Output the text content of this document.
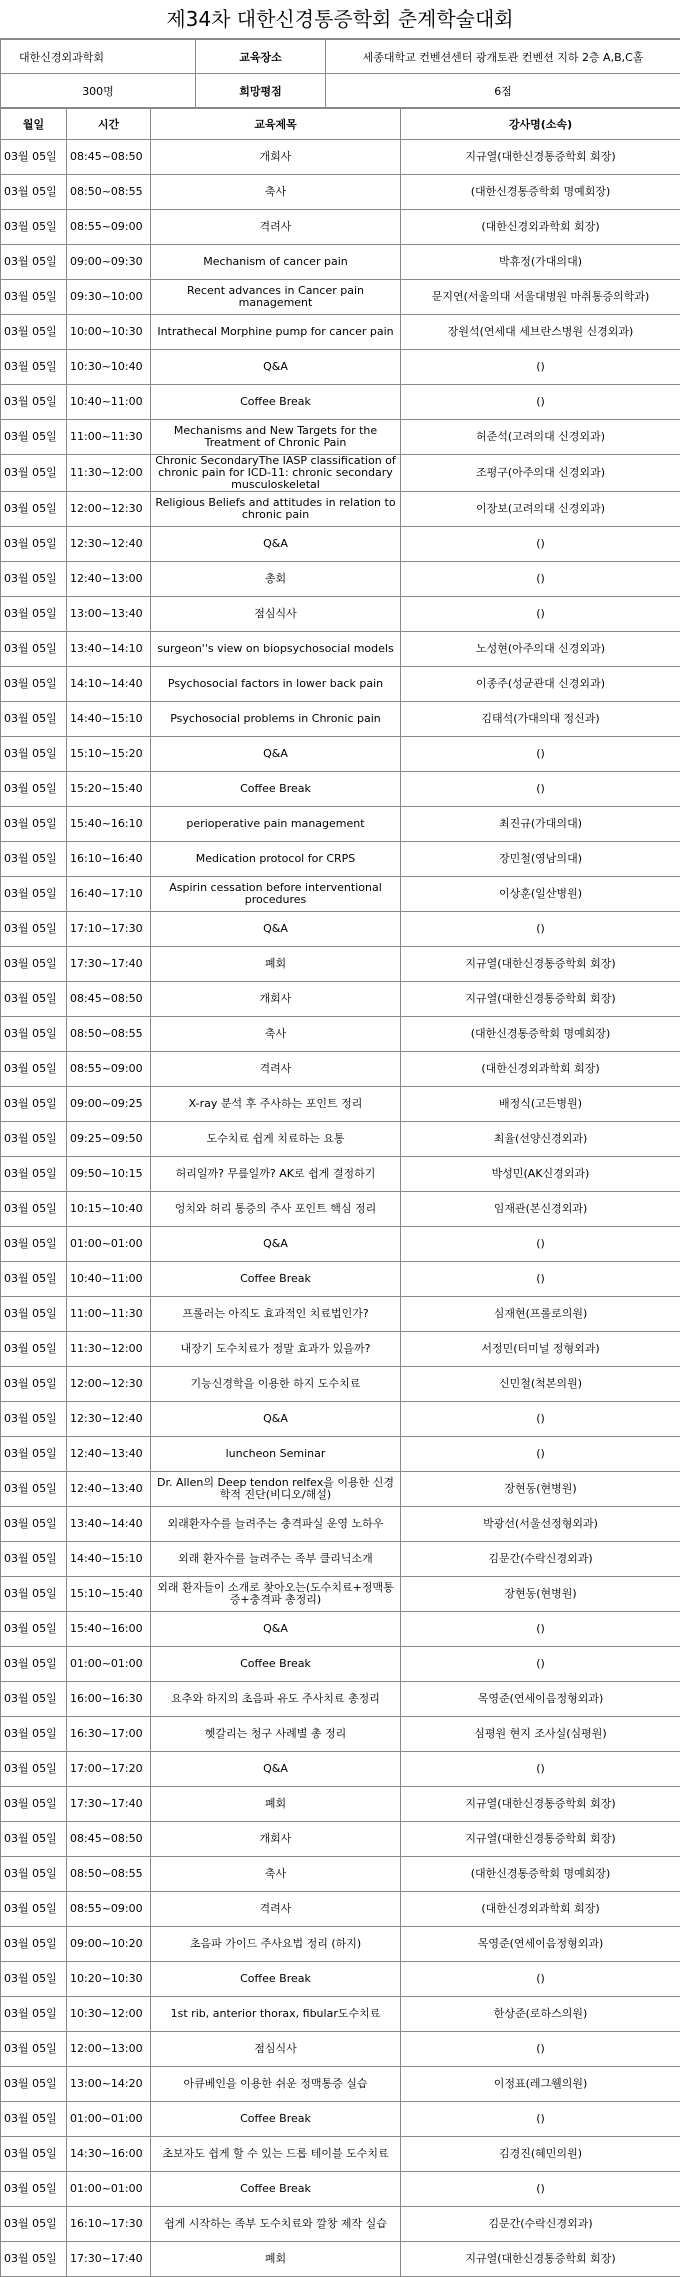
제34차 대한신경통증학회 춘계학술대회
대한신경외과학회	교육장소	세종대학교 컨벤션센터 광개토관 컨벤션 지하 2층 A,B,C홀
300명	희망평점	6점
월일	시간	교육제목	강사명(소속)
03월 05일	08:45~08:50	개회사	지규열(대한신경통증학회 회장)
03월 05일	08:50~08:55	축사	(대한신경통증학회 명예회장)
03월 05일	08:55~09:00	격려사	(대한신경외과학회 회장)
03월 05일	09:00~09:30	Mechanism of cancer pain	박휴정(가대의대)
03월 05일	09:30~10:00	Recent advances in Cancer pain management	문지연(서울의대 서울대병원 마취통증의학과)
03월 05일	10:00~10:30	Intrathecal Morphine pump for cancer pain	장원석(연세대 세브란스병원 신경외과)
03월 05일	10:30~10:40	Q&A	()
03월 05일	10:40~11:00	Coffee Break	()
03월 05일	11:00~11:30	Mechanisms and New Targets for the Treatment of Chronic Pain	허준석(고려의대 신경외과)
03월 05일	11:30~12:00	Chronic SecondaryThe IASP classification of chronic pain for ICD-11: chronic secondary musculoskeletal	조평구(아주의대 신경외과)
03월 05일	12:00~12:30	Religious Beliefs and attitudes in relation to chronic pain	이장보(고려의대 신경외과)
03월 05일	12:30~12:40	Q&A	()
03월 05일	12:40~13:00	총회	()
03월 05일	13:00~13:40	점심식사	()
03월 05일	13:40~14:10	surgeon''s view on biopsychosocial models	노성현(아주의대 신경외과)
03월 05일	14:10~14:40	Psychosocial factors in lower back pain	이종주(성균관대 신경외과)
03월 05일	14:40~15:10	Psychosocial problems in Chronic pain	김태석(가대의대 정신과)
03월 05일	15:10~15:20	Q&A	()
03월 05일	15:20~15:40	Coffee Break	()
03월 05일	15:40~16:10	perioperative pain management	최진규(가대의대)
03월 05일	16:10~16:40	Medication protocol for CRPS	장민철(영남의대)
03월 05일	16:40~17:10	Aspirin cessation before interventional procedures	이상훈(일산병원)
03월 05일	17:10~17:30	Q&A	()
03월 05일	17:30~17:40	폐회	지규열(대한신경통증학회 회장)
03월 05일	08:45~08:50	개회사	지규열(대한신경통증학회 회장)
03월 05일	08:50~08:55	축사	(대한신경통증학회 명예회장)
03월 05일	08:55~09:00	격려사	(대한신경외과학회 회장)
03월 05일	09:00~09:25	X-ray 분석 후 주사하는 포인트 정리	배정식(고든병원)
03월 05일	09:25~09:50	도수치료 쉽게 치료하는 요통	최율(선양신경외과)
03월 05일	09:50~10:15	허리일까? 무릎일까? AK로 쉽게 결정하기	박성민(AK신경외과)
03월 05일	10:15~10:40	엉치와 허리 통증의 주사 포인트 핵심 정리	임재관(본신경외과)
03월 05일	01:00~01:00	Q&A	()
03월 05일	10:40~11:00	Coffee Break	()
03월 05일	11:00~11:30	프롤러는 아직도 효과적인 치료법인가?	심재현(프롤로의원)
03월 05일	11:30~12:00	내장기 도수치료가 정말 효과가 있을까?	서정민(터미널 정형외과)
03월 05일	12:00~12:30	기능신경학을 이용한 하지 도수치료	신민철(척본의원)
03월 05일	12:30~12:40	Q&A	()
03월 05일	12:40~13:40	luncheon Seminar	()
03월 05일	12:40~13:40	Dr. Allen의 Deep tendon relfex을 이용한 신경학적 진단(비디오/해설)	장현동(현병원)
03월 05일	13:40~14:40	외래환자수를 늘려주는 충격파실 운영 노하우	박광선(서울선정형외과)
03월 05일	14:40~15:10	외래 환자수를 늘려주는 족부 클리닉소개	김문간(수락신경외과)
03월 05일	15:10~15:40	외래 환자들이 소개로 찾아오는(도수치료+정맥통증+충격파 총정리)	장현동(현병원)
03월 05일	15:40~16:00	Q&A	()
03월 05일	01:00~01:00	Coffee Break	()
03월 05일	16:00~16:30	요추와 하지의 초음파 유도 주사치료 총정리	목영준(연세이음정형외과)
03월 05일	16:30~17:00	헷갈리는 청구 사례별 총 정리	심평원 현지 조사실(심평원)
03월 05일	17:00~17:20	Q&A	()
03월 05일	17:30~17:40	폐회	지규열(대한신경통증학회 회장)
03월 05일	08:45~08:50	개회사	지규열(대한신경통증학회 회장)
03월 05일	08:50~08:55	축사	(대한신경통증학회 명예회장)
03월 05일	08:55~09:00	격려사	(대한신경외과학회 회장)
03월 05일	09:00~10:20	초음파 가이드 주사요법 정리 (하지)	목영준(연세이음정형외과)
03월 05일	10:20~10:30	Coffee Break	()
03월 05일	10:30~12:00	1st rib, anterior thorax, fibular도수치료	한상준(로하스의원)
03월 05일	12:00~13:00	점심식사	()
03월 05일	13:00~14:20	아큐베인을 이용한 쉬운 정맥통증 실습	이정표(레그웰의원)
03월 05일	01:00~01:00	Coffee Break	()
03월 05일	14:30~16:00	초보자도 쉽게 할 수 있는 드롭 테이블 도수치료	김경진(혜민의원)
03월 05일	01:00~01:00	Coffee Break	()
03월 05일	16:10~17:30	쉽게 시작하는 족부 도수치료와 깔창 제작 실습	김문간(수락신경외과)
03월 05일	17:30~17:40	폐회	지규열(대한신경통증학회 회장)
